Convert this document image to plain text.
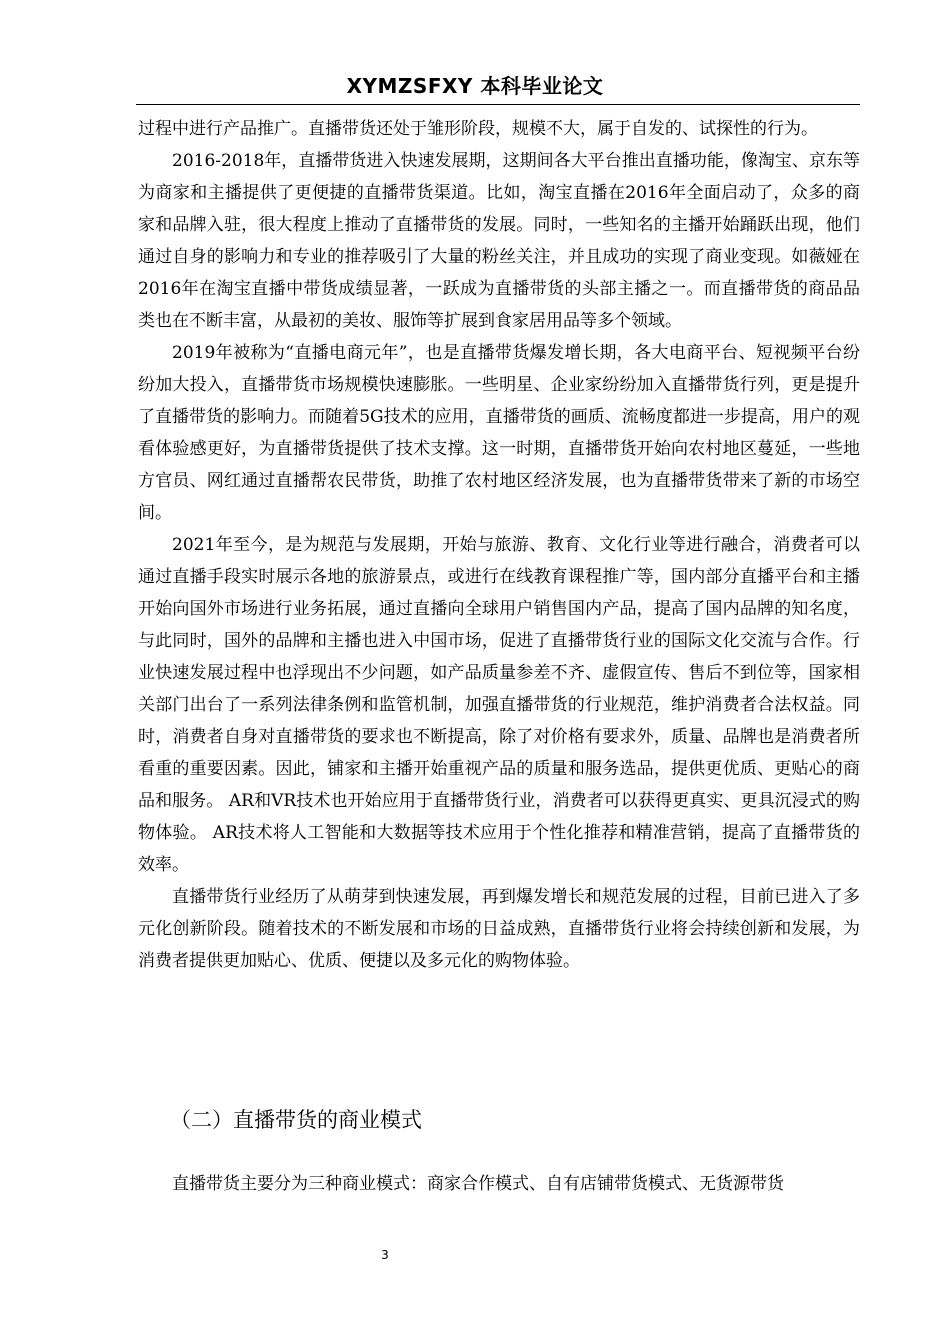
XYMZSFXY 本科毕业论文

过程中进行产品推广。直播带货还处于雏形阶段，规模不大，属于自发的、试探性的行为。

2016-2018年，直播带货进入快速发展期，这期间各大平台推出直播功能，像淘宝、京东等为商家和主播提供了更便捷的直播带货渠道。比如，淘宝直播在2016年全面启动了，众多的商家和品牌入驻，很大程度上推动了直播带货的发展。同时，一些知名的主播开始踊跃出现，他们通过自身的影响力和专业的推荐吸引了大量的粉丝关注，并且成功的实现了商业变现。如薇娅在2016年在淘宝直播中带货成绩显著，一跃成为直播带货的头部主播之一。而直播带货的商品品类也在不断丰富，从最初的美妆、服饰等扩展到食家居用品等多个领域。

2019年被称为“直播电商元年”，也是直播带货爆发增长期，各大电商平台、短视频平台纷纷加大投入，直播带货市场规模快速膨胀。一些明星、企业家纷纷加入直播带货行列，更是提升了直播带货的影响力。而随着5G技术的应用，直播带货的画质、流畅度都进一步提高，用户的观看体验感更好，为直播带货提供了技术支撑。这一时期，直播带货开始向农村地区蔓延，一些地方官员、网红通过直播帮农民带货，助推了农村地区经济发展，也为直播带货带来了新的市场空间。

2021年至今，是为规范与发展期，开始与旅游、教育、文化行业等进行融合，消费者可以通过直播手段实时展示各地的旅游景点，或进行在线教育课程推广等，国内部分直播平台和主播开始向国外市场进行业务拓展，通过直播向全球用户销售国内产品，提高了国内品牌的知名度，与此同时，国外的品牌和主播也进入中国市场，促进了直播带货行业的国际文化交流与合作。行业快速发展过程中也浮现出不少问题，如产品质量参差不齐、虚假宣传、售后不到位等，国家相关部门出台了一系列法律条例和监管机制，加强直播带货的行业规范，维护消费者合法权益。同时，消费者自身对直播带货的要求也不断提高，除了对价格有要求外，质量、品牌也是消费者所看重的重要因素。因此，铺家和主播开始重视产品的质量和服务选品，提供更优质、更贴心的商品和服务。 AR和VR技术也开始应用于直播带货行业，消费者可以获得更真实、更具沉浸式的购物体验。 AR技术将人工智能和大数据等技术应用于个性化推荐和精准营销，提高了直播带货的效率。

直播带货行业经历了从萌芽到快速发展，再到爆发增长和规范发展的过程，目前已进入了多元化创新阶段。随着技术的不断发展和市场的日益成熟，直播带货行业将会持续创新和发展，为消费者提供更加贴心、优质、便捷以及多元化的购物体验。

（二）直播带货的商业模式
直播带货主要分为三种商业模式：商家合作模式、自有店铺带货模式、无货源带货
3
